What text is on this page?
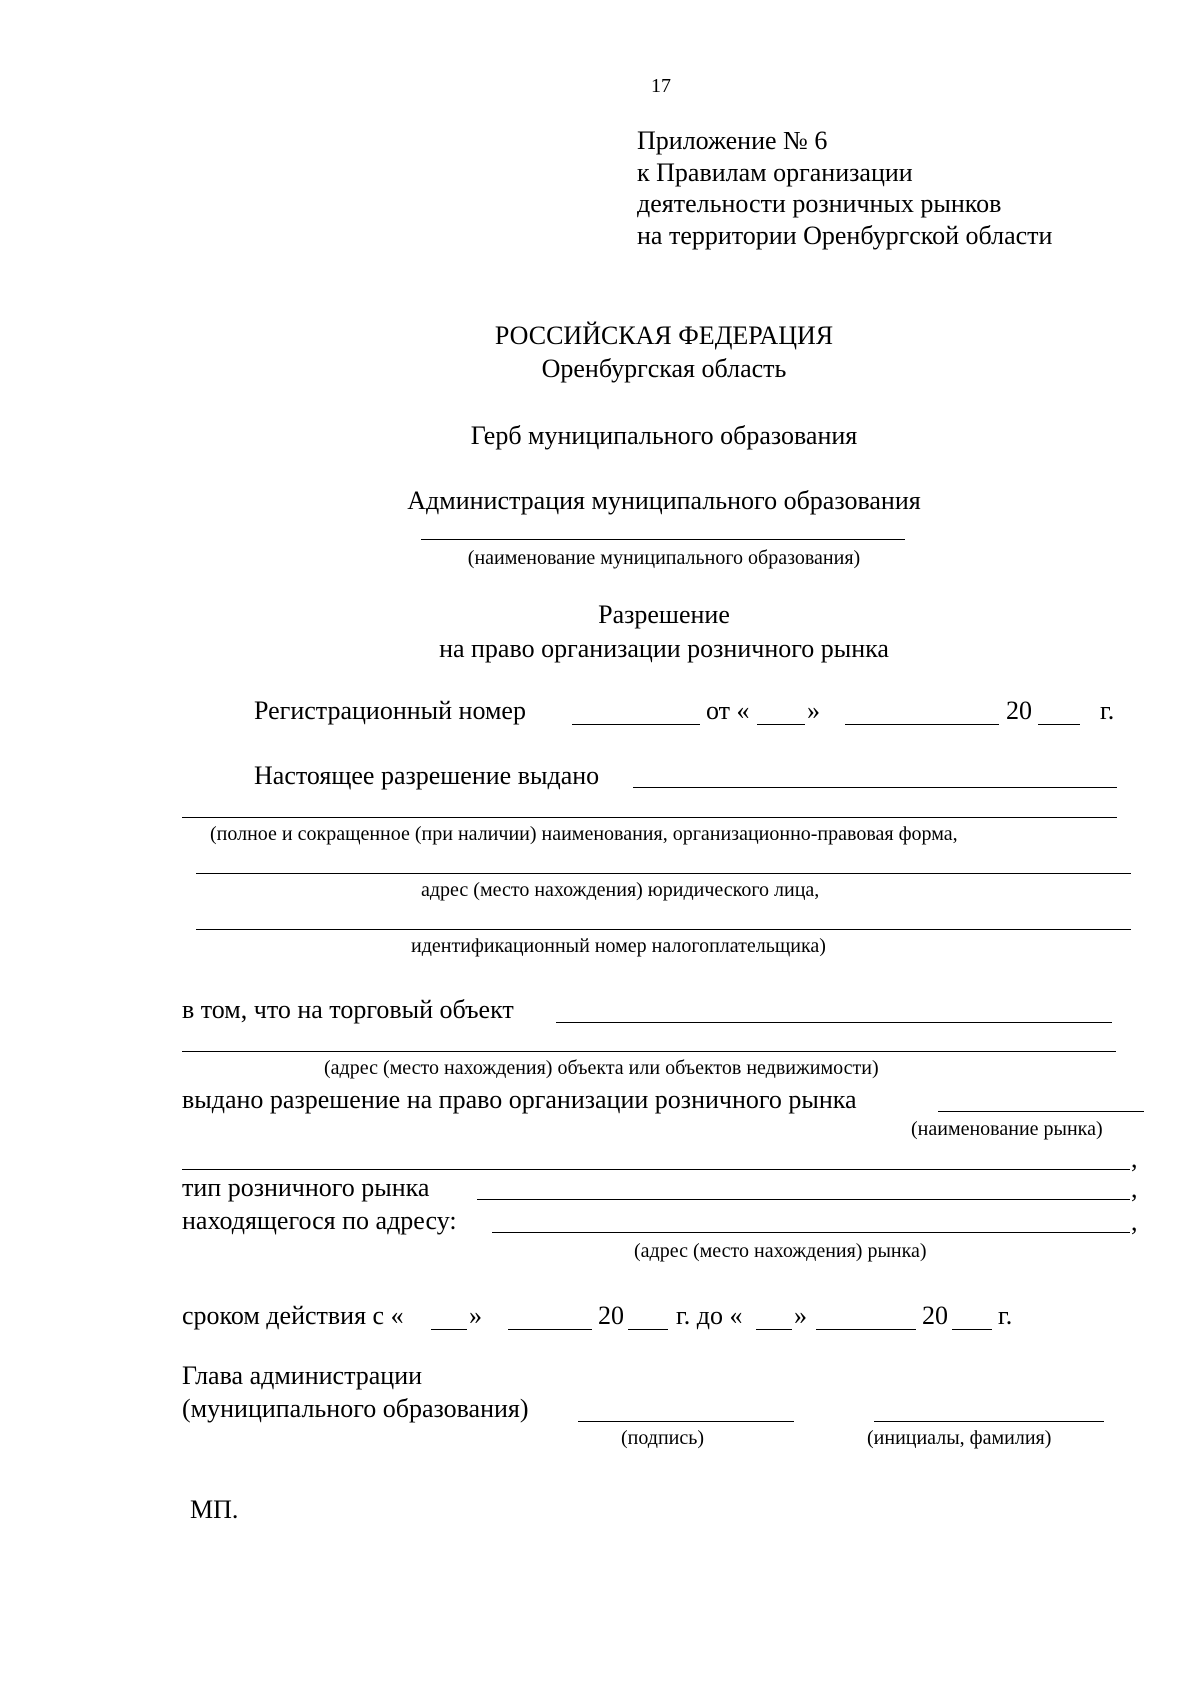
17
Приложение № 6
к Правилам организации
деятельности розничных рынков
на территории Оренбургской области
РОССИЙСКАЯ ФЕДЕРАЦИЯ
Оренбургская область
Герб муниципального образования
Администрация муниципального образования
(наименование муниципального образования)
Разрешение
на право организации розничного рынка
Регистрационный номер	от « »	20	г.
Настоящее разрешение выдано
(полное и сокращенное (при наличии) наименования, организационно-правовая форма,
адрес (место нахождения) юридического лица,
идентификационный номер налогоплательщика)
в том, что на торговый объект
(адрес (место нахождения) объекта или объектов недвижимости)
выдано разрешение на право организации розничного рынка
(наименование рынка)
,
тип розничного рынка	,
находящегося по адресу:	,
(адрес (место нахождения) рынка)
сроком действия с «	»	20 г. до « »	20 г.
Глава администрации
(муниципального образования)
(подпись)	(инициалы, фамилия)
МП.
